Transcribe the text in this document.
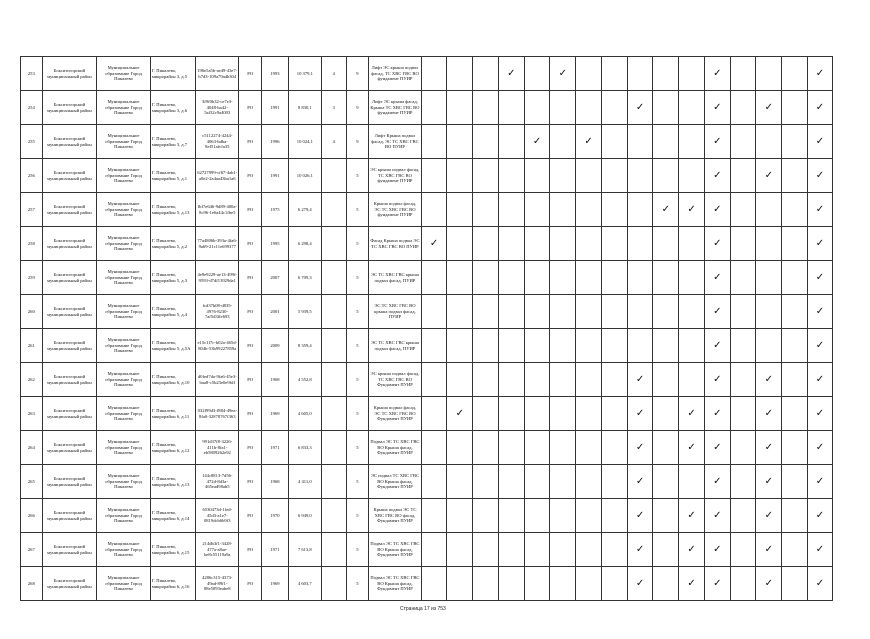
253	Бокситогорский муниципальный район	Муниципальное образование Город Пикалево	Г. Пикалево, микрорайон 3, д.5	196e5a5b-ae49-43e7-b7d3-109a79adb304	РО	1993	10 379,1	4	9	Лифт ЭС крыша подвал фасад, ТС ХВС ГВС ВО фундамент ПУИР				✓		✓						✓				✓
254	Бокситогорский муниципальный район	Муниципальное образование Город Пикалево	Г. Пикалево, микрорайон 3, д.6	3f9f0b32-ce7e3-4048-ba42-5af32c9a4003	РО	1991	8 830,1	3	9	Лифт ЭС крыша фасад, Крыша ТС ХВС ГВС ВО фундамент ПУИР									✓			✓		✓		✓
255	Бокситогорский муниципальный район	Муниципальное образование Город Пикалево	Г. Пикалево, микрорайон 3, д.7	c5112274-4244-4063-bdba-8ef51afcfa35	РО	1996	10 024,1	4	9	Лифт Крыша подвал фасад, ЭС ТС ХВС ГВС ВО ПУИР					✓		✓					✓				✓
256	Бокситогорский муниципальный район	Муниципальное образование Город Пикалево	Г. Пикалево, микрорайон 5, д.1	62727999-cf67-4ab1-a8e2-2a4aa43ba1a6	РО	1991	10 026,1		5	ЭС крыша подвал фасад, ТС ХВС ГВС ВО фундамент ПУИР												✓		✓		✓
257	Бокситогорский муниципальный район	Муниципальное образование Город Пикалево	Г. Пикалево, микрорайон 5, д.13	fbf7e646-9d89-400a-8c96-1e6a44c1fbe5	РО	1975	6 279,4		5	Крыша подвал фасад, ЭС ТС ХВС ГВС ВО фундамент ПУИР										✓	✓	✓				✓
258	Бокситогорский муниципальный район	Муниципальное образование Город Пикалево	Г. Пикалево, микрорайон 5, д.2	77a4806b-393a-4fa6-9a69-21c11e699377	РО	1995	6 298,4		5	Фасад Крыша подвал ЭС ТС ХВС ГВС ВО ПУИР	✓											✓				✓
259	Бокситогорский муниципальный район	Муниципальное образование Город Пикалево	Г. Пикалево, микрорайон 5, д.3	4e9e9229-ae13-499f-9593-d7df13929da1	РО	2007	6 709,3		5	ЭС ТС ХВС ГВС крыша подвал фасад, ПУИР												✓				✓
260	Бокситогорский муниципальный район	Муниципальное образование Город Пикалево	Г. Пикалево, микрорайон 5, д.4	fcd37b08-d835-4976-8230-7af5d3ffe693	РО	2001	5 939,5		5	ЭС ТС ХВС ГВС ВО крыша подвал фасад, ПУИР												✓				✓
261	Бокситогорский муниципальный район	Муниципальное образование Город Пикалево	Г. Пикалево, микрорайон 5, д.5А	e15c1f7c-b02a-465d-804b-53b99227859a	РО	2009	8 359,4		5	ЭС ТС ХВС ГВС крыша подвал фасад, ПУИР												✓				✓
262	Бокситогорский муниципальный район	Муниципальное образование Город Пикалево	Г. Пикалево, микрорайон 6, д.10	d0fed7da-9fa6-45e3-baa8-c5b23e0e9fdf	РО	1968	4 552,8		5	ЭС крыша подвал фасад, ТС ХВС ГВС ВО Фундамент ПУИР									✓			✓		✓		✓
263	Бокситогорский муниципальный район	Муниципальное образование Город Пикалево	Г. Пикалево, микрорайон 6, д.11	032f99d3-f884-49ea-8fa0-32870767f363	РО	1969	4 605,0		5	Крыша подвал фасад, ЭС ТС ХВС ГВС ВО Фундамент ПУИР		✓							✓		✓	✓		✓		✓
264	Бокситогорский муниципальный район	Муниципальное образование Город Пикалево	Г. Пикалево, микрорайон 6, д.12	991d37f8-3226-411b-8fa1-eb5809262e92	РО	1971	6 833,3		5	Подвал ЭС ТС ХВС ГВС ВО Крыша фасад, Фундамент ПУИР									✓		✓	✓		✓		✓
265	Бокситогорский муниципальный район	Муниципальное образование Город Пикалево	Г. Пикалево, микрорайон 6, д.13	144c8813-7d56-472d-8d3a-465ead98ab5	РО	1968	4 411,0		5	ЭС подвал ТС ХВС ГВС ВО Крыша фасад, Фундамент ПУИР									✓			✓		✓		✓
266	Бокситогорский муниципальный район	Муниципальное образование Город Пикалево	Г. Пикалево, микрорайон 6, д.14	6530473d-1fed-45d3-a1e7-0819dcb6b9f3	РО	1970	6 949,0		5	Крыша подвал ЭС ТС ХВС ГВС ВО фасад, Фундамент ПУИР									✓		✓	✓		✓		✓
267	Бокситогорский муниципальный район	Муниципальное образование Город Пикалево	Г. Пикалево, микрорайон 6, д.15	214db3f1-3428-477a-a8ae-be8c55119a9a	РО	1971	7 613,8		5	Подвал ЭС ТС ХВС ГВС ВО Крыша фасад, Фундамент ПУИР									✓		✓	✓		✓		✓
268	Бокситогорский муниципальный район	Муниципальное образование Город Пикалево	Г. Пикалево, микрорайон 6, д.16	4286c315-4373-49ad-89f1-88e5093eabe8	РО	1969	4 603,7		5	Подвал ЭС ТС ХВС ГВС ВО Крыша фасад, Фундамент ПУИР									✓		✓	✓		✓		✓
Страница 17 из 753
